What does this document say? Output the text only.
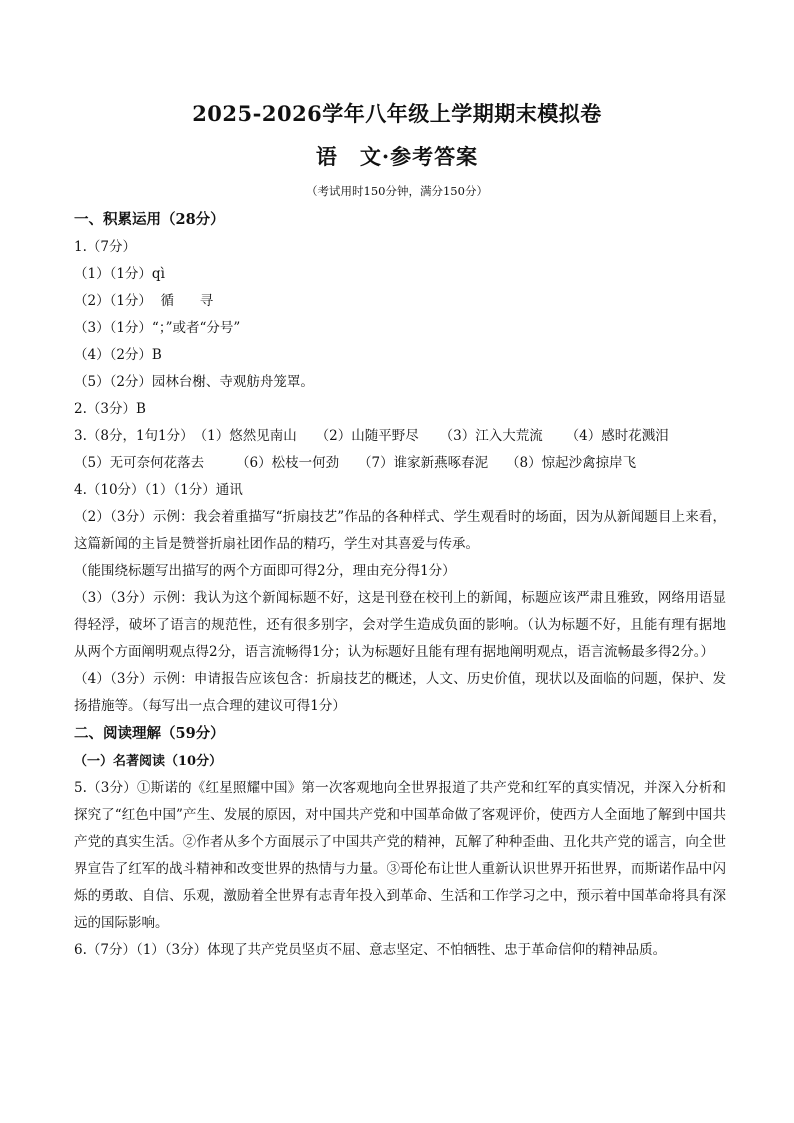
2025-2026学年八年级上学期期末模拟卷
语　文·参考答案
（考试用时150分钟，满分150分）
一、积累运用（28分）
1.（7分）
（1）（1分）qì
（2）（1分）  循      寻
（3）（1分）“；”或者“分号”
（4）（2分）B
（5）（2分）园林台榭、寺观舫舟笼罩。
2.（3分）B
3.（8分，1句1分） （1）悠然见南山	（2）山随平野尽	（3）江入大荒流	（4）感时花溅泪
（5）无可奈何花落去	（6）松枝一何劲	（7）谁家新燕啄春泥	（8）惊起沙禽掠岸飞
4.（10分）（1）（1分）通讯
（2）（3分）示例：我会着重描写“折扇技艺”作品的各种样式、学生观看时的场面，因为从新闻题目上来看，这篇新闻的主旨是赞誉折扇社团作品的精巧，学生对其喜爱与传承。
（能围绕标题写出描写的两个方面即可得2分，理由充分得1分）
（3）（3分）示例：我认为这个新闻标题不好，这是刊登在校刊上的新闻，标题应该严肃且雅致，网络用语显得轻浮，破坏了语言的规范性，还有很多别字，会对学生造成负面的影响。（认为标题不好，且能有理有据地从两个方面阐明观点得2分，语言流畅得1分；认为标题好且能有理有据地阐明观点，语言流畅最多得2分。）
（4）（3分）示例：申请报告应该包含：折扇技艺的概述，人文、历史价值，现状以及面临的问题，保护、发扬措施等。（每写出一点合理的建议可得1分）
二、阅读理解（59分）
（一）名著阅读（10分）
5.（3分）①斯诺的《红星照耀中国》第一次客观地向全世界报道了共产党和红军的真实情况，并深入分析和探究了“红色中国”产生、发展的原因，对中国共产党和中国革命做了客观评价，使西方人全面地了解到中国共产党的真实生活。②作者从多个方面展示了中国共产党的精神，瓦解了种种歪曲、丑化共产党的谣言，向全世界宣告了红军的战斗精神和改变世界的热情与力量。③哥伦布让世人重新认识世界开拓世界，而斯诺作品中闪烁的勇敢、自信、乐观，激励着全世界有志青年投入到革命、生活和工作学习之中，预示着中国革命将具有深远的国际影响。
6.（7分）（1）（3分）体现了共产党员坚贞不屈、意志坚定、不怕牺牲、忠于革命信仰的精神品质。
